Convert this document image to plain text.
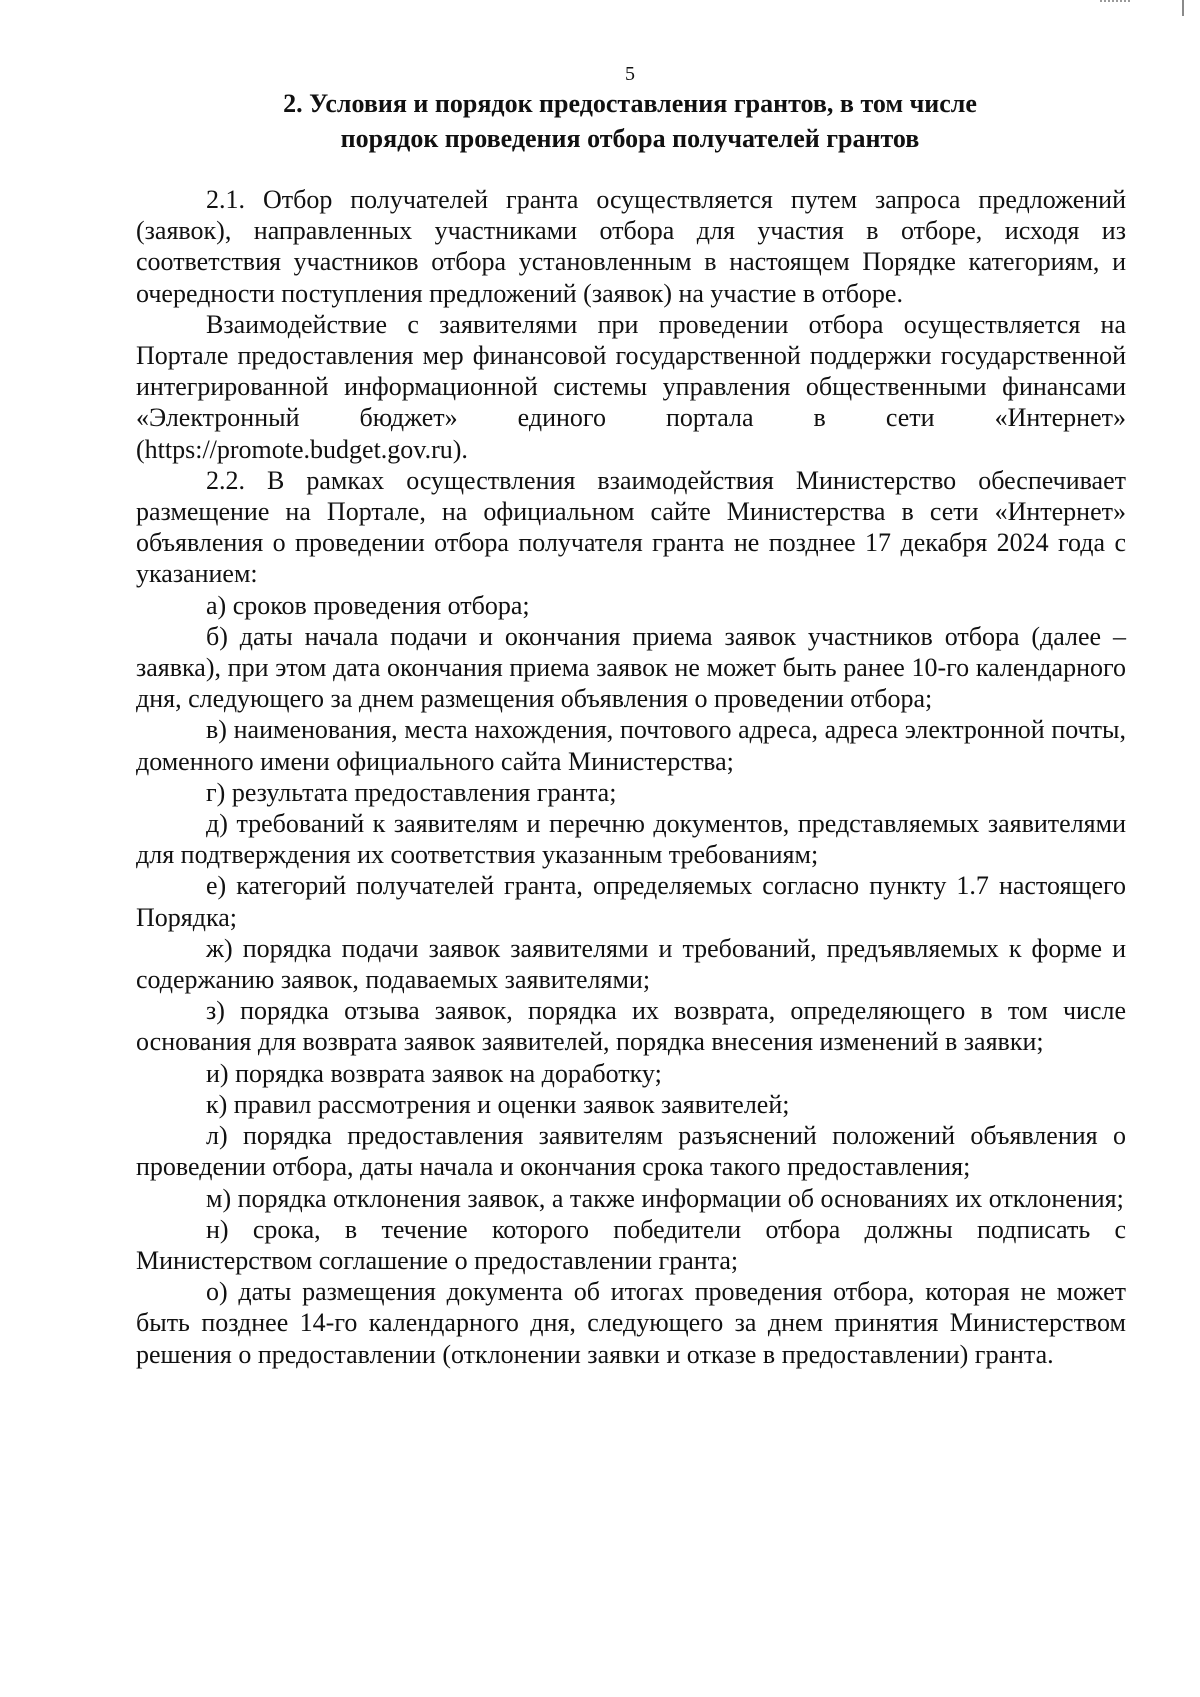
5
2. Условия и порядок предоставления грантов, в том числе
порядок проведения отбора получателей грантов

2.1. Отбор получателей гранта осуществляется путем запроса предложений (заявок), направленных участниками отбора для участия в отборе, исходя из соответствия участников отбора установленным в настоящем Порядке категориям, и очередности поступления предложений (заявок) на участие в отборе.

Взаимодействие с заявителями при проведении отбора осуществляется на Портале предоставления мер финансовой государственной поддержки государственной интегрированной информационной системы управления общественными финансами «Электронный бюджет» единого портала в сети «Интернет» (https://promote.budget.gov.ru).

2.2. В рамках осуществления взаимодействия Министерство обеспечивает размещение на Портале, на официальном сайте Министерства в сети «Интернет» объявления о проведении отбора получателя гранта не позднее 17 декабря 2024 года с указанием:

а) сроков проведения отбора;

б) даты начала подачи и окончания приема заявок участников отбора (далее – заявка), при этом дата окончания приема заявок не может быть ранее 10-го календарного дня, следующего за днем размещения объявления о проведении отбора;

в) наименования, места нахождения, почтового адреса, адреса электронной почты, доменного имени официального сайта Министерства;

г) результата предоставления гранта;

д) требований к заявителям и перечню документов, представляемых заявителями для подтверждения их соответствия указанным требованиям;

е) категорий получателей гранта, определяемых согласно пункту 1.7 настоящего Порядка;

ж) порядка подачи заявок заявителями и требований, предъявляемых к форме и содержанию заявок, подаваемых заявителями;

з) порядка отзыва заявок, порядка их возврата, определяющего в том числе основания для возврата заявок заявителей, порядка внесения изменений в заявки;

и) порядка возврата заявок на доработку;

к) правил рассмотрения и оценки заявок заявителей;

л) порядка предоставления заявителям разъяснений положений объявления о проведении отбора, даты начала и окончания срока такого предоставления;

м) порядка отклонения заявок, а также информации об основаниях их отклонения;

н) срока, в течение которого победители отбора должны подписать с Министерством соглашение о предоставлении гранта;

о) даты размещения документа об итогах проведения отбора, которая не может быть позднее 14-го календарного дня, следующего за днем принятия Министерством решения о предоставлении (отклонении заявки и отказе в предоставлении) гранта.
